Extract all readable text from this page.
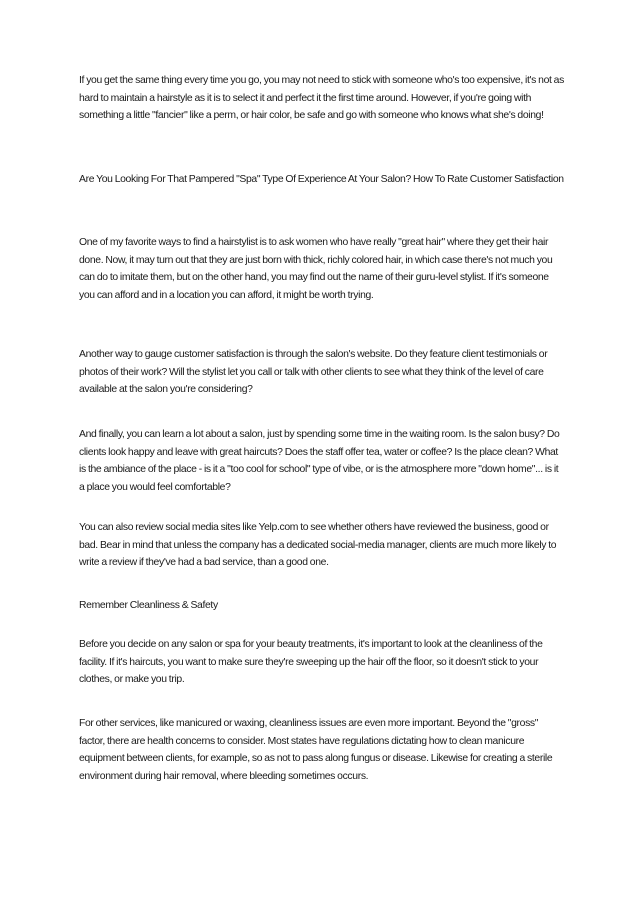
If you get the same thing every time you go, you may not need to stick with someone who's too expensive, it's not as hard to maintain a hairstyle as it is to select it and perfect it the first time around. However, if you're going with something a little "fancier" like a perm, or hair color, be safe and go with someone who knows what she's doing!

Are You Looking For That Pampered "Spa" Type Of Experience At Your Salon? How To Rate Customer Satisfaction

One of my favorite ways to find a hairstylist is to ask women who have really "great hair" where they get their hair done. Now, it may turn out that they are just born with thick, richly colored hair, in which case there's not much you can do to imitate them, but on the other hand, you may find out the name of their guru-level stylist. If it's someone you can afford and in a location you can afford, it might be worth trying.

Another way to gauge customer satisfaction is through the salon's website. Do they feature client testimonials or photos of their work? Will the stylist let you call or talk with other clients to see what they think of the level of care available at the salon you're considering?

And finally, you can learn a lot about a salon, just by spending some time in the waiting room. Is the salon busy? Do clients look happy and leave with great haircuts? Does the staff offer tea, water or coffee? Is the place clean? What is the ambiance of the place - is it a "too cool for school" type of vibe, or is the atmosphere more "down home"... is it a place you would feel comfortable?

You can also review social media sites like Yelp.com to see whether others have reviewed the business, good or bad. Bear in mind that unless the company has a dedicated social-media manager, clients are much more likely to write a review if they've had a bad service, than a good one.

Remember Cleanliness & Safety

Before you decide on any salon or spa for your beauty treatments, it's important to look at the cleanliness of the facility. If it's haircuts, you want to make sure they're sweeping up the hair off the floor, so it doesn't stick to your clothes, or make you trip.

For other services, like manicured or waxing, cleanliness issues are even more important. Beyond the "gross" factor, there are health concerns to consider. Most states have regulations dictating how to clean manicure equipment between clients, for example, so as not to pass along fungus or disease. Likewise for creating a sterile environment during hair removal, where bleeding sometimes occurs.
